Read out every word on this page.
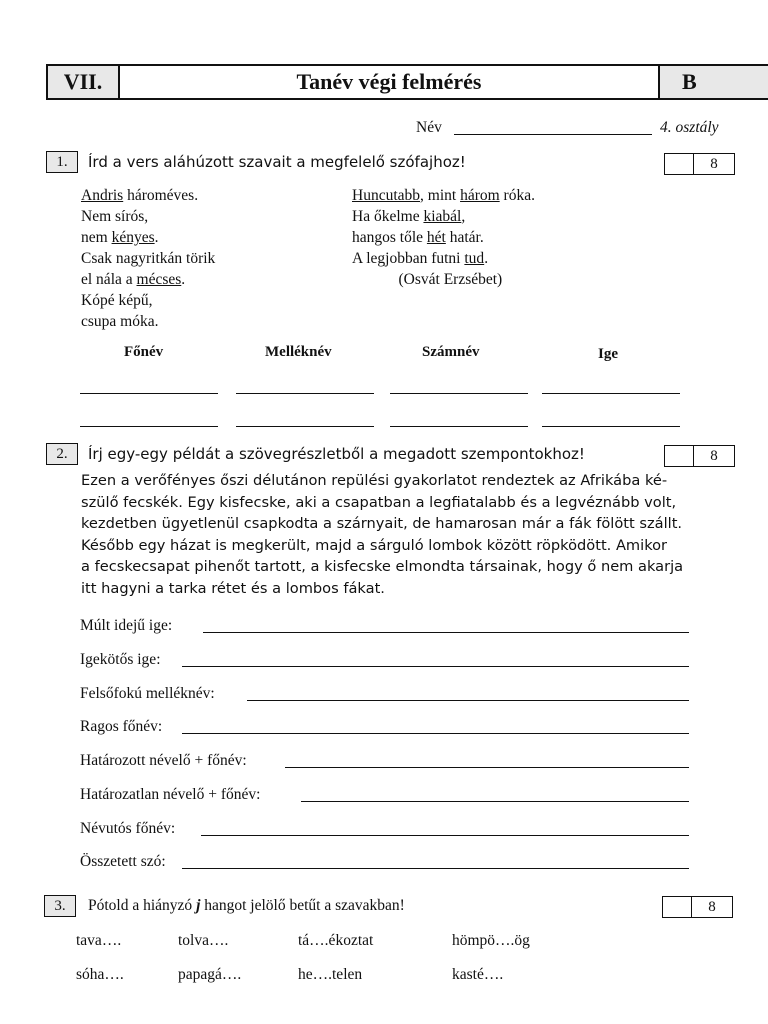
VII.	Tanév végi felmérés	B
Név	4. osztály
1.	Írd a vers aláhúzott szavait a megfelelő szófajhoz!	8
Andris hároméves.
Nem sírós,
nem kényes.
Csak nagyritkán törik
el nála a mécses.
Kópé képű,
csupa móka.
Huncutabb, mint három róka.
Ha őkelme kiabál,
hangos tőle hét határ.
A legjobban futni tud.
(Osvát Erzsébet)
Főnév	Melléknév	Számnév	Ige
2.	Írj egy-egy példát a szövegrészletből a megadott szempontokhoz!	8
Ezen a verőfényes őszi délutánon repülési gyakorlatot rendeztek az Afrikába ké-
szülő fecskék. Egy kisfecske, aki a csapatban a legfiatalabb és a legvéznább volt,
kezdetben ügyetlenül csapkodta a szárnyait, de hamarosan már a fák fölött szállt.
Később egy házat is megkerült, majd a sárguló lombok között röpködött. Amikor
a fecskecsapat pihenőt tartott, a kisfecske elmondta társainak, hogy ő nem akarja
itt hagyni a tarka rétet és a lombos fákat.
Múlt idejű ige:
Igekötős ige:
Felsőfokú melléknév:
Ragos főnév:
Határozott névelő + főnév:
Határozatlan névelő + főnév:
Névutós főnév:
Összetett szó:
3.	Pótold a hiányzó j hangot jelölő betűt a szavakban!	8
tava….	tolva….	tá….ékoztat	hömpö….ög
sóha….	papagá….	he….telen	kasté….
